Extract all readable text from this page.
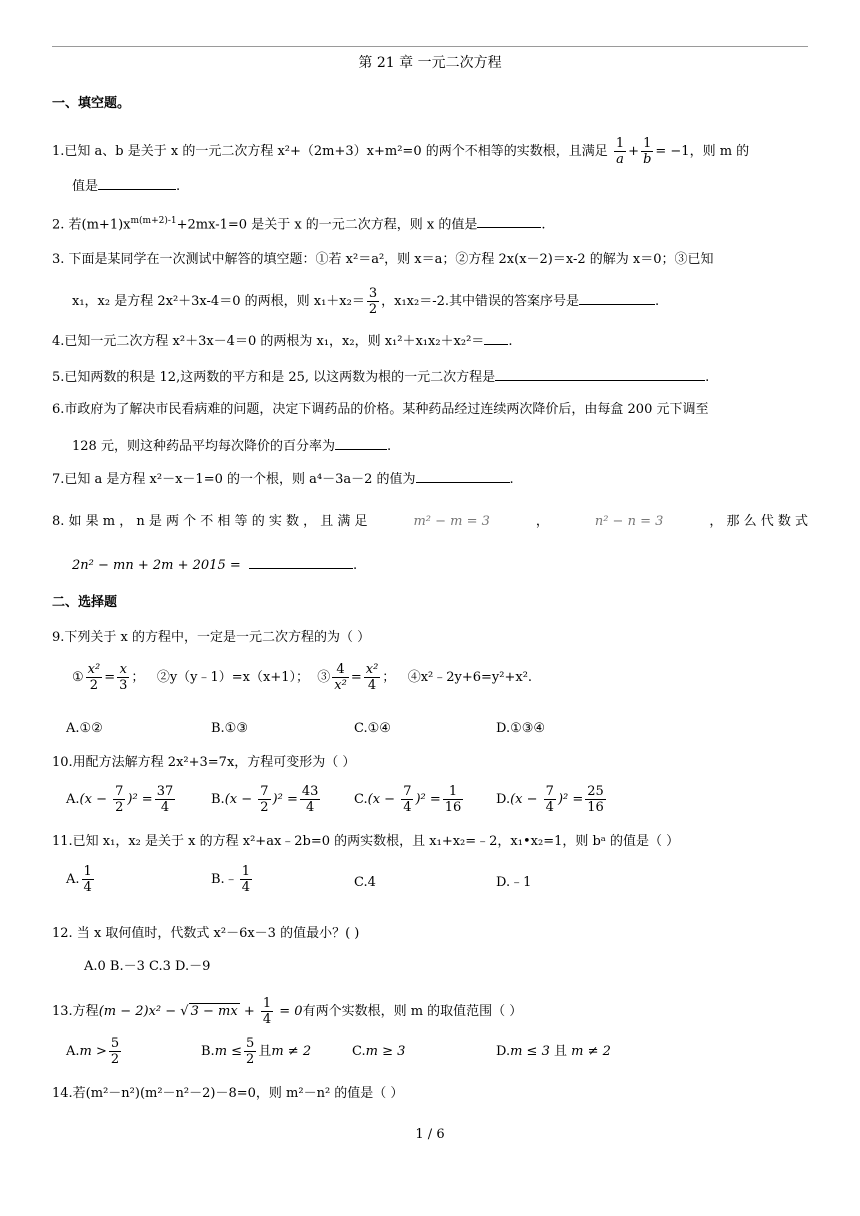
第 21 章 一元二次方程
一、填空题。
1.已知 a、b 是关于 x 的一元二次方程 x²+（2m+3）x+m²=0 的两个不相等的实数根，且满足 $\frac{1}{a} + \frac{1}{b} = -1$，则 m 的
值是	.
2. 若$(m+1)x^{m(m+2)-1}+2mx-1=0$ 是关于 x 的一元二次方程，则 x 的值是	.
3. 下面是某同学在一次测试中解答的填空题：①若 x²＝a²，则 x＝a；②方程 2x(x－2)＝x-2 的解为 x＝0；③已知
x₁，x₂ 是方程 2x²＋3x-4＝0 的两根，则 $x_1+x_2= \frac{3}{2}$ ，x₁x₂＝-2.其中错误的答案序号是	.
4.已知一元二次方程 x²＋3x－4＝0 的两根为 x₁，x₂，则 x₁²＋x₁x₂＋x₂²＝ .
5.已知两数的积是 12,这两数的平方和是 25, 以这两数为根的一元二次方程是	.
6.市政府为了解决市民看病难的问题，决定下调药品的价格。某种药品经过连续两次降价后，由每盒 200 元下调至
128 元，则这种药品平均每次降价的百分率为	.
7.已知 a 是方程 x²－x－1=0 的一个根，则 a⁴－3a－2 的值为	.
8. 如 果 m ， n 是 两 个 不 相 等 的 实 数 ， 且 满 足	m² − m = 3	，	n² − n = 3	， 那 么 代 数 式
2n² − mn + 2m + 2015 =	.
二、选择题
9.下列关于 x 的方程中，一定是一元二次方程的为（ ）
① $\frac{\text{x²}}{2} = \frac{x}{3}$ ； ②y（y﹣1）=x（x+1）； ③ $\frac{4}{\text{x²}} = \frac{\text{x²}}{4}$ ； ④x²﹣2y+6=y²+x².
A.①②	B.①③	C.①④	D.①③④
10.用配方法解方程 2x²+3=7x，方程可变形为（ ）
$A.(x - \frac{7}{2} )^2 = \frac{37}{4}$	$B.(x - \frac{7}{2} )^2 = \frac{43}{4}$	$C.(x - \frac{7}{4} )^2 = \frac{1}{16}$	$D.(x - \frac{7}{4} )^2 = \frac{25}{16}$
11.已知 x₁，x₂ 是关于 x 的方程 x²+ax﹣2b=0 的两实数根，且 x₁+x₂=﹣2，x₁•x₂=1，则 bᵃ 的值是（ ）
A. $\frac{1}{4}$	B.﹣ $\frac{1}{4}$	C.4	D.﹣1
12. 当 x 取何值时，代数式 x²－6x－3 的值最小？( )
A.0 B.－3 C.3 D.－9
13.方程(m − 2)x² − √ 3 − mx + $\frac{1}{4} = 0$有两个实数根，则 m 的取值范围（ ）
$A.m > \frac{5}{2}$	$B.m \le \frac{5}{2}$ 且m ≠ 2	C.m ≥ 3	D.m ≤ 3 且 m ≠ 2
14.若(m²－n²)(m²－n²－2)－8=0，则 m²－n² 的值是（ ）
1 / 6
